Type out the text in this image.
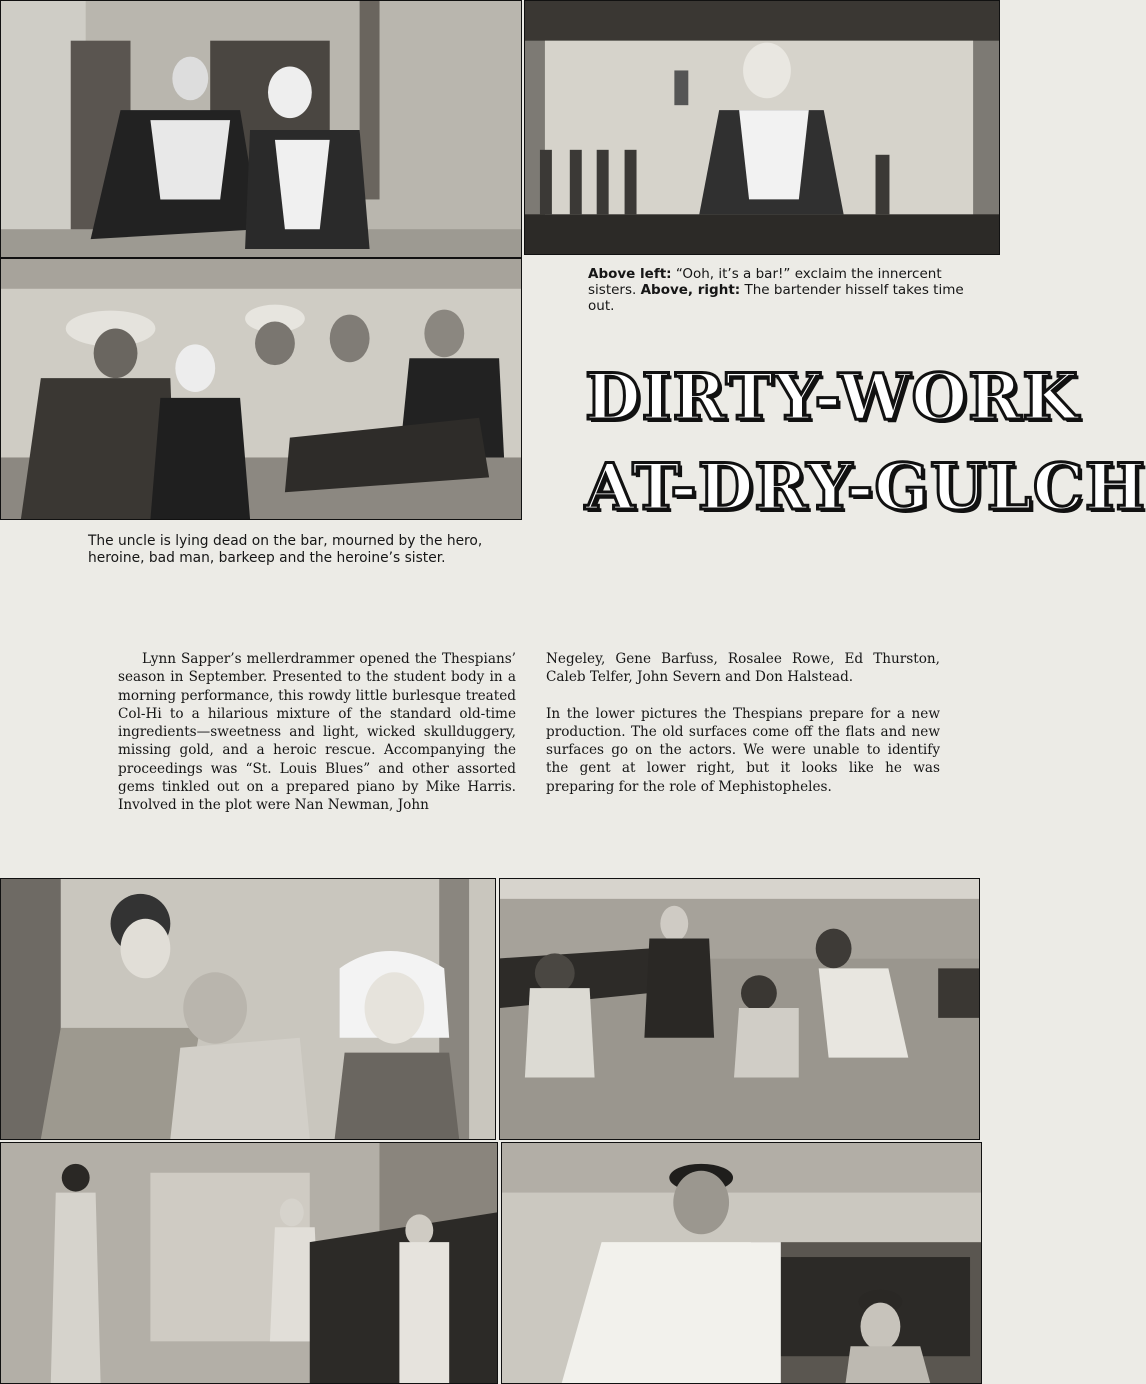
Above left: “Ooh, it’s a bar!” exclaim the innercent sisters. Above, right: The bartender hisself takes time out.
The uncle is lying dead on the bar, mourned by the hero, heroine, bad man, barkeep and the heroine’s sister.
DIRTY-WORK
AT-DRY-GULCH

Lynn Sapper’s mellerdrammer opened the Thespians’ season in September. Presented to the student body in a morning performance, this rowdy little burlesque treated Col-Hi to a hilarious mixture of the standard old-time ingredients—sweetness and light, wicked skullduggery, missing gold, and a heroic rescue. Accompanying the proceedings was “St. Louis Blues” and other assorted gems tinkled out on a prepared piano by Mike Harris. Involved in the plot were Nan Newman, John

Negeley, Gene Barfuss, Rosalee Rowe, Ed Thurston, Caleb Telfer, John Severn and Don Halstead.

In the lower pictures the Thespians prepare for a new production. The old surfaces come off the flats and new surfaces go on the actors. We were unable to identify the gent at lower right, but it looks like he was preparing for the role of Mephistopheles.
